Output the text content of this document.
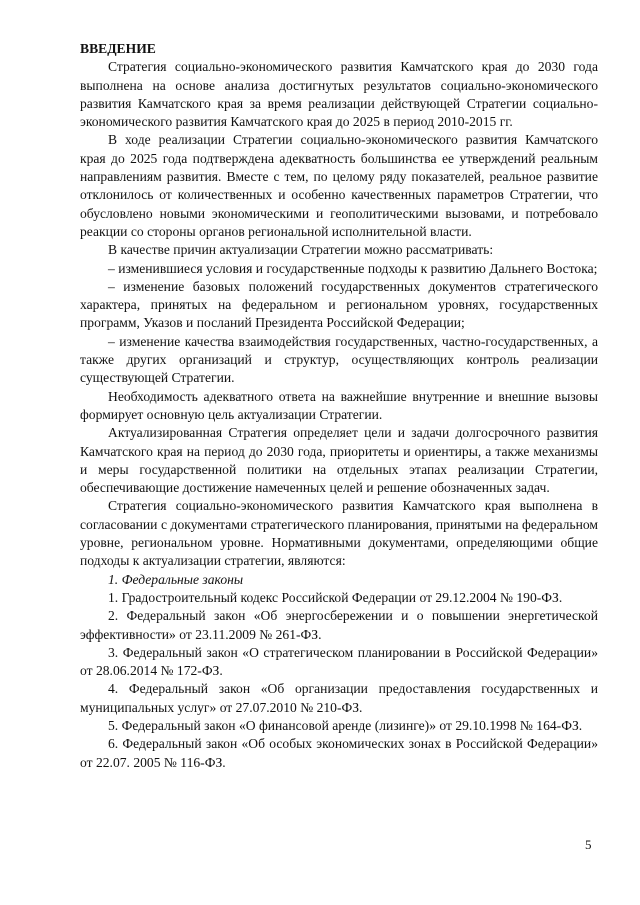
ВВЕДЕНИЕ

Стратегия социально-экономического развития Камчатского края до 2030 года выполнена на основе анализа достигнутых результатов социально-экономического развития Камчатского края за время реализации действующей Стратегии социально-экономического развития Камчатского края до 2025 в период 2010-2015 гг.

В ходе реализации Стратегии социально-экономического развития Камчатского края до 2025 года подтверждена адекватность большинства ее утверждений реальным направлениям развития. Вместе с тем, по целому ряду показателей, реальное развитие отклонилось от количественных и особенно качественных параметров Стратегии, что обусловлено новыми экономическими и геополитическими вызовами, и потребовало реакции со стороны органов региональной исполнительной власти.

В качестве причин актуализации Стратегии можно рассматривать:

– изменившиеся условия и государственные подходы к развитию Дальнего Востока;

– изменение базовых положений государственных документов стратегического характера, принятых на федеральном и региональном уровнях, государственных программ, Указов и посланий Президента Российской Федерации;

– изменение качества взаимодействия государственных, частно-государственных, а также других организаций и структур, осуществляющих контроль реализации существующей Стратегии.

Необходимость адекватного ответа на важнейшие внутренние и внешние вызовы формирует основную цель актуализации Стратегии.

Актуализированная Стратегия определяет цели и задачи долгосрочного развития Камчатского края на период до 2030 года, приоритеты и ориентиры, а также механизмы и меры государственной политики на отдельных этапах реализации Стратегии, обеспечивающие достижение намеченных целей и решение обозначенных задач.

Стратегия социально-экономического развития Камчатского края выполнена в согласовании с документами стратегического планирования, принятыми на федеральном уровне, региональном уровне. Нормативными документами, определяющими общие подходы к актуализации стратегии, являются:

1. Федеральные законы

1. Градостроительный кодекс Российской Федерации от 29.12.2004 № 190-ФЗ.

2. Федеральный закон «Об энергосбережении и о повышении энергетической эффективности» от 23.11.2009 № 261-ФЗ.

3. Федеральный закон «О стратегическом планировании в Российской Федерации» от 28.06.2014 № 172-ФЗ.

4. Федеральный закон «Об организации предоставления государственных и муниципальных услуг» от 27.07.2010 № 210-ФЗ.

5. Федеральный закон «О финансовой аренде (лизинге)» от 29.10.1998 № 164-ФЗ.

6. Федеральный закон «Об особых экономических зонах в Российской Федерации» от 22.07. 2005 № 116-ФЗ.

5
